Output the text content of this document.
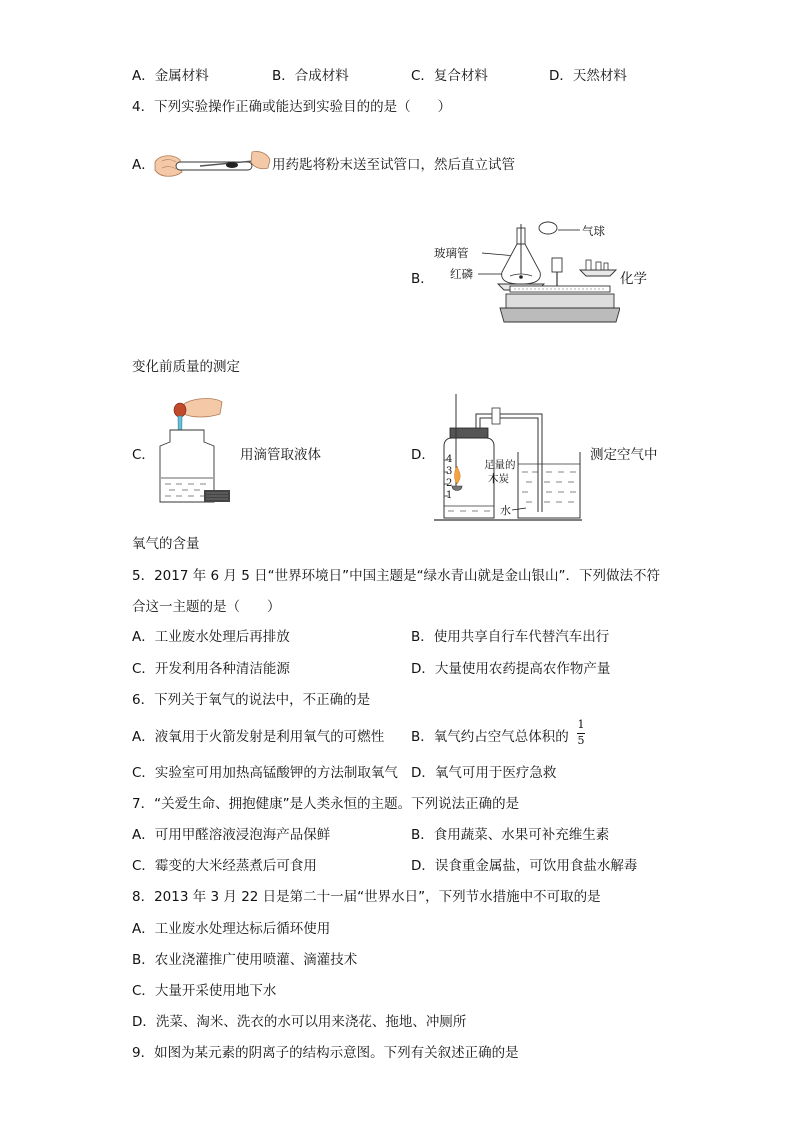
A．金属材料	B．合成材料	C．复合材料	D．天然材料
4．下列实验操作正确或能达到实验目的的是（　　）
A．	用药匙将粉末送至试管口，然后直立试管
B．
气球
玻璃管
红磷	化学
变化前质量的测定
C．	用滴管取液体	D． 4
3
2
1
足量的
木炭
水
测定空气中
氧气的含量
5．2017 年 6 月 5 日“世界环境日”中国主题是“绿水青山就是金山银山”．下列做法不符
合这一主题的是（　　）
A．工业废水处理后再排放	B．使用共享自行车代替汽车出行
C．开发利用各种清洁能源	D．大量使用农药提高农作物产量
6．下列关于氧气的说法中，不正确的是
A．液氧用于火箭发射是利用氧气的可燃性 B．氧气约占空气总体积的
1
5
C．实验室可用加热高锰酸钾的方法制取氧气 D．氧气可用于医疗急救
7．“关爱生命、拥抱健康”是人类永恒的主题。下列说法正确的是
A．可用甲醛溶液浸泡海产品保鲜	B．食用蔬菜、水果可补充维生素
C．霉变的大米经蒸煮后可食用	D．误食重金属盐，可饮用食盐水解毒
8．2013 年 3 月 22 日是第二十一届“世界水日”，下列节水措施中不可取的是
A．工业废水处理达标后循环使用
B．农业浇灌推广使用喷灌、滴灌技术
C．大量开采使用地下水
D．洗菜、淘米、洗衣的水可以用来浇花、拖地、冲厕所
9．如图为某元素的阴离子的结构示意图。下列有关叙述正确的是
